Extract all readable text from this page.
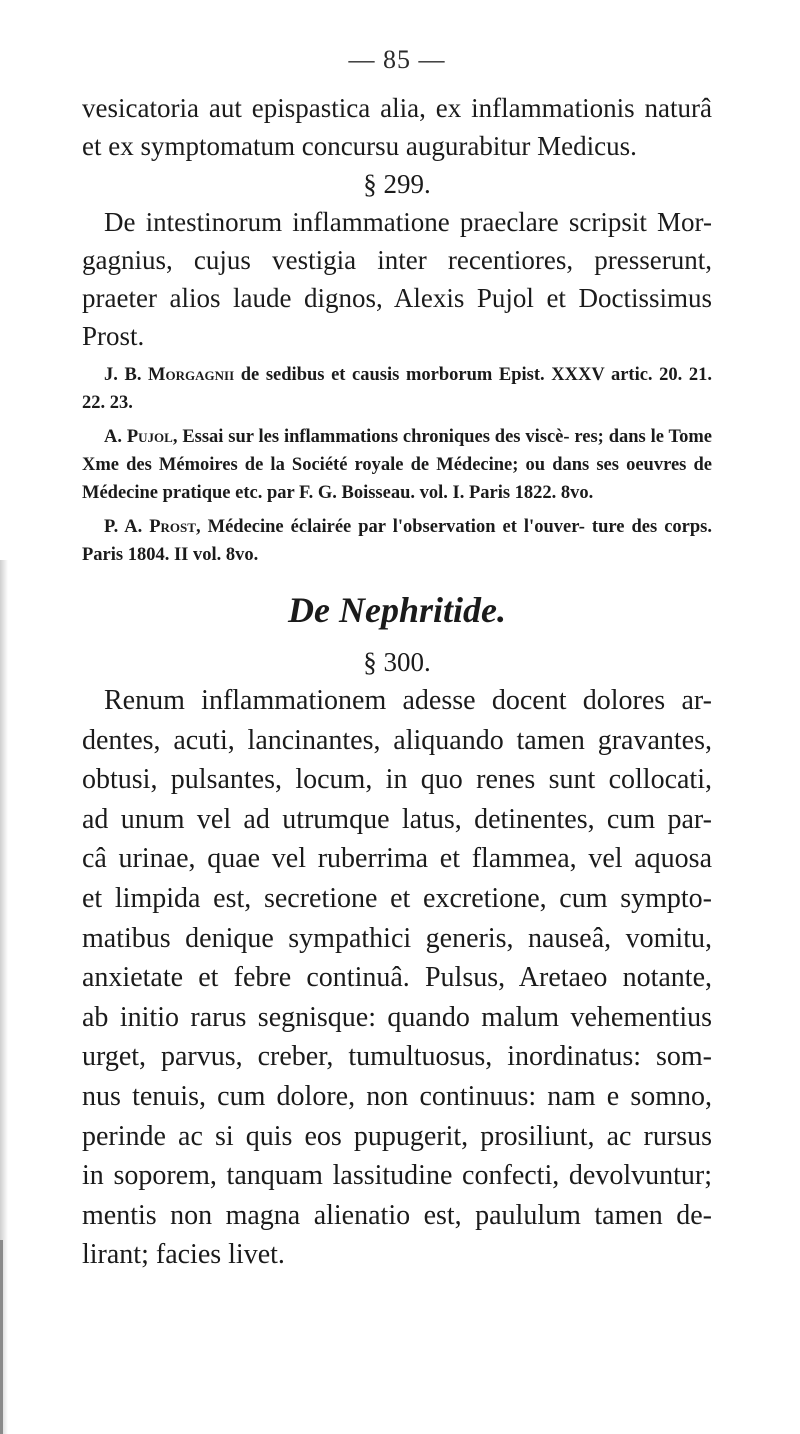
— 85 —
vesicatoria aut epispastica alia, ex inflammationis naturâ
et ex symptomatum concursu augurabitur Medicus.
§ 299.
De intestinorum inflammatione praeclare scripsit Mor-
gagnius, cujus vestigia inter recentiores, presserunt,
praeter alios laude dignos, Alexis Pujol et Doctissimus
Prost.

J. B. Morgagnii de sedibus et causis morborum Epist. XXXV artic. 20. 21. 22. 23.

A. Pujol, Essai sur les inflammations chroniques des viscè- res; dans le Tome Xme des Mémoires de la Société royale de Médecine; ou dans ses oeuvres de Médecine pratique etc. par F. G. Boisseau. vol. I. Paris 1822. 8vo.

P. A. Prost, Médecine éclairée par l'observation et l'ouver- ture des corps. Paris 1804. II vol. 8vo.

De Nephritide.
§ 300.
Renum inflammationem adesse docent dolores ar-
dentes, acuti, lancinantes, aliquando tamen gravantes,
obtusi, pulsantes, locum, in quo renes sunt collocati,
ad unum vel ad utrumque latus, detinentes, cum par-
câ urinae, quae vel ruberrima et flammea, vel aquosa
et limpida est, secretione et excretione, cum sympto-
matibus denique sympathici generis, nauseâ, vomitu,
anxietate et febre continuâ. Pulsus, Aretaeo notante,
ab initio rarus segnisque: quando malum vehementius
urget, parvus, creber, tumultuosus, inordinatus: som-
nus tenuis, cum dolore, non continuus: nam e somno,
perinde ac si quis eos pupugerit, prosiliunt, ac rursus
in soporem, tanquam lassitudine confecti, devolvuntur;
mentis non magna alienatio est, paululum tamen de-
lirant; facies livet.
